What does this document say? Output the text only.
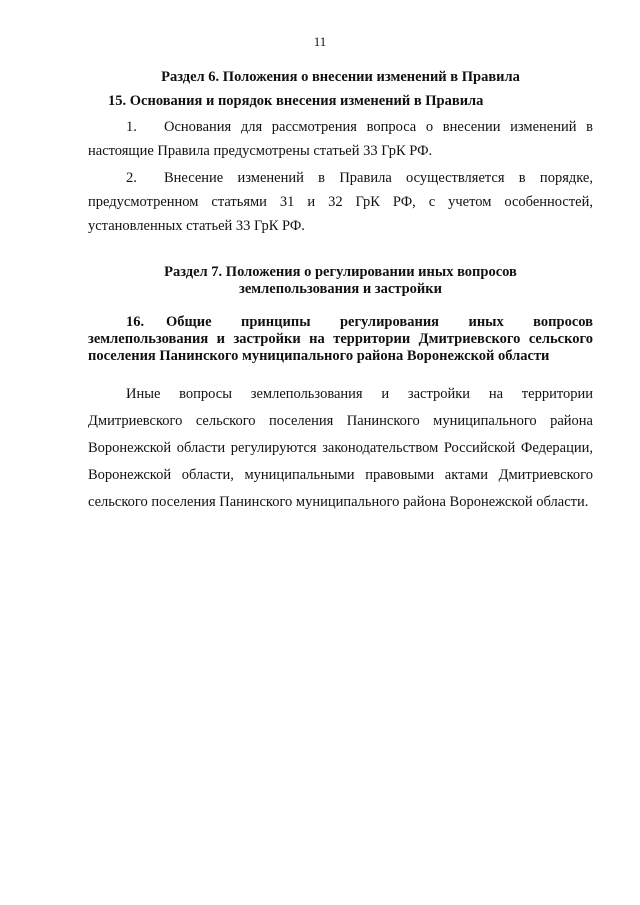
11
Раздел 6. Положения о внесении изменений в Правила
15. Основания и порядок внесения изменений в Правила
1. Основания для рассмотрения вопроса о внесении изменений в настоящие Правила предусмотрены статьей 33 ГрК РФ.
2. Внесение изменений в Правила осуществляется в порядке, предусмотренном статьями 31 и 32 ГрК РФ, с учетом особенностей, установленных статьей 33 ГрК РФ.
Раздел 7. Положения о регулировании иных вопросов
землепользования и застройки
16. Общие принципы регулирования иных вопросов землепользования и застройки на территории Дмитриевского сельского поселения Панинского муниципального района Воронежской области
Иные вопросы землепользования и застройки на территории Дмитриевского сельского поселения Панинского муниципального района Воронежской области регулируются законодательством Российской Федерации, Воронежской области, муниципальными правовыми актами Дмитриевского сельского поселения Панинского муниципального района Воронежской области.
